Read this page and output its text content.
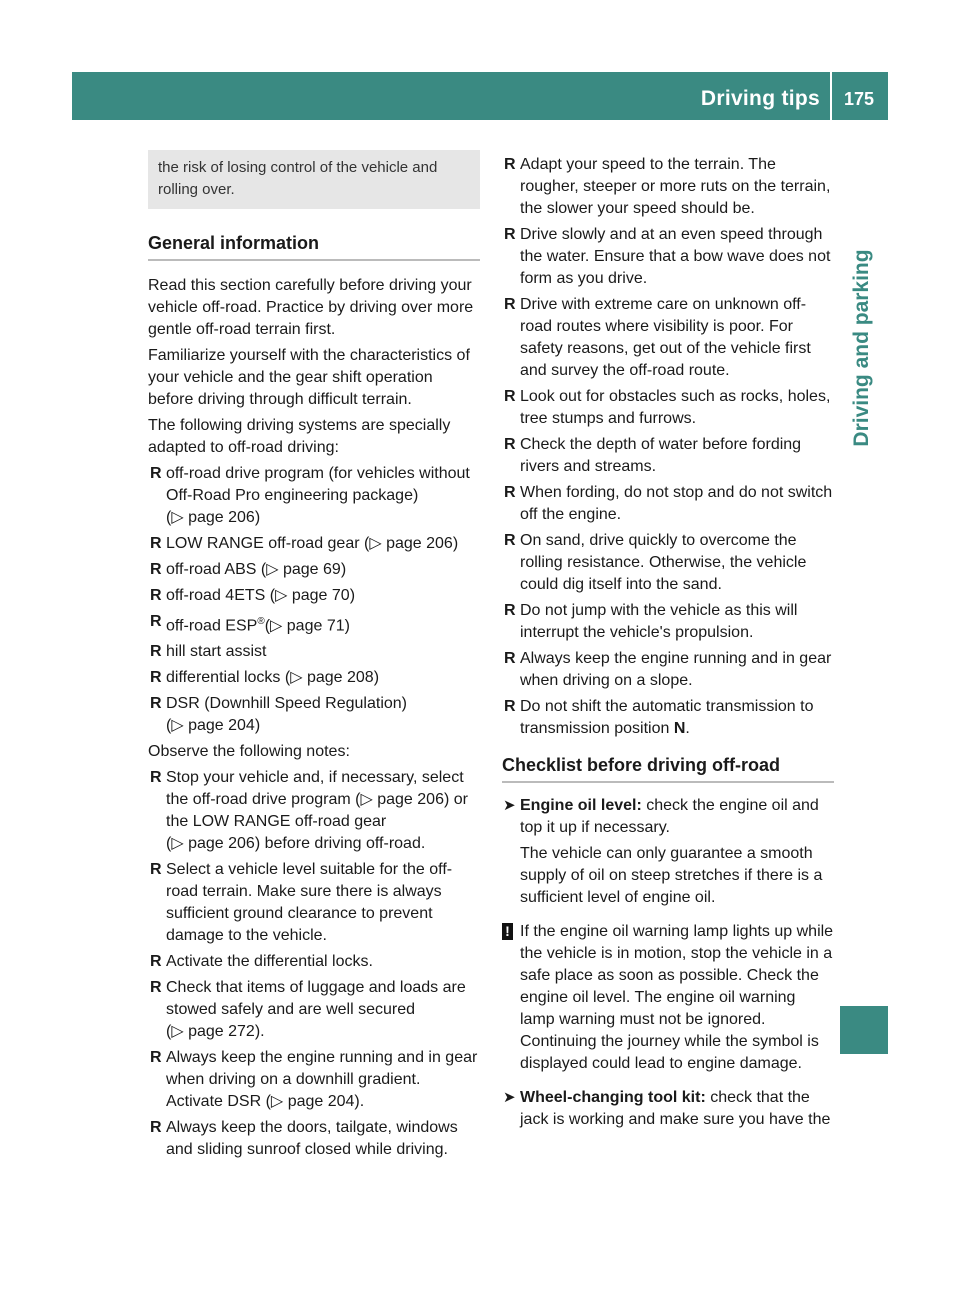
Driving tips	175
Driving and parking
the risk of losing control of the vehicle and rolling over.
General information

Read this section carefully before driving your vehicle off-road. Practice by driving over more gentle off-road terrain first.

Familiarize yourself with the characteristics of your vehicle and the gear shift operation before driving through difficult terrain.

The following driving systems are specially adapted to off-road driving:

R off-road drive program (for vehicles without Off-Road Pro engineering package)
(▷ page 206)
R LOW RANGE off-road gear (▷ page 206)
R off-road ABS (▷ page 69)
R off-road 4ETS (▷ page 70)
R off-road ESP®(▷ page 71)
R hill start assist
R differential locks (▷ page 208)
R DSR (Downhill Speed Regulation)
(▷ page 204)

Observe the following notes:

R Stop your vehicle and, if necessary, select the off-road drive program (▷ page 206) or the LOW RANGE off-road gear
(▷ page 206) before driving off-road.
R Select a vehicle level suitable for the off-road terrain. Make sure there is always sufficient ground clearance to prevent damage to the vehicle.
R Activate the differential locks.
R Check that items of luggage and loads are stowed safely and are well secured
(▷ page 272).
R Always keep the engine running and in gear when driving on a downhill gradient. Activate DSR (▷ page 204).
R Always keep the doors, tailgate, windows and sliding sunroof closed while driving.
R Adapt your speed to the terrain. The rougher, steeper or more ruts on the terrain, the slower your speed should be.
R Drive slowly and at an even speed through the water. Ensure that a bow wave does not form as you drive.
R Drive with extreme care on unknown off-road routes where visibility is poor. For safety reasons, get out of the vehicle first and survey the off-road route.
R Look out for obstacles such as rocks, holes, tree stumps and furrows.
R Check the depth of water before fording rivers and streams.
R When fording, do not stop and do not switch off the engine.
R On sand, drive quickly to overcome the rolling resistance. Otherwise, the vehicle could dig itself into the sand.
R Do not jump with the vehicle as this will interrupt the vehicle's propulsion.
R Always keep the engine running and in gear when driving on a slope.
R Do not shift the automatic transmission to transmission position N.
Checklist before driving off-road
➤ Engine oil level: check the engine oil and top it up if necessary.
The vehicle can only guarantee a smooth supply of oil on steep stretches if there is a sufficient level of engine oil.
! If the engine oil warning lamp lights up while the vehicle is in motion, stop the vehicle in a safe place as soon as possible. Check the engine oil level. The engine oil warning lamp warning must not be ignored. Continuing the journey while the symbol is displayed could lead to engine damage.
➤ Wheel-changing tool kit: check that the jack is working and make sure you have the
